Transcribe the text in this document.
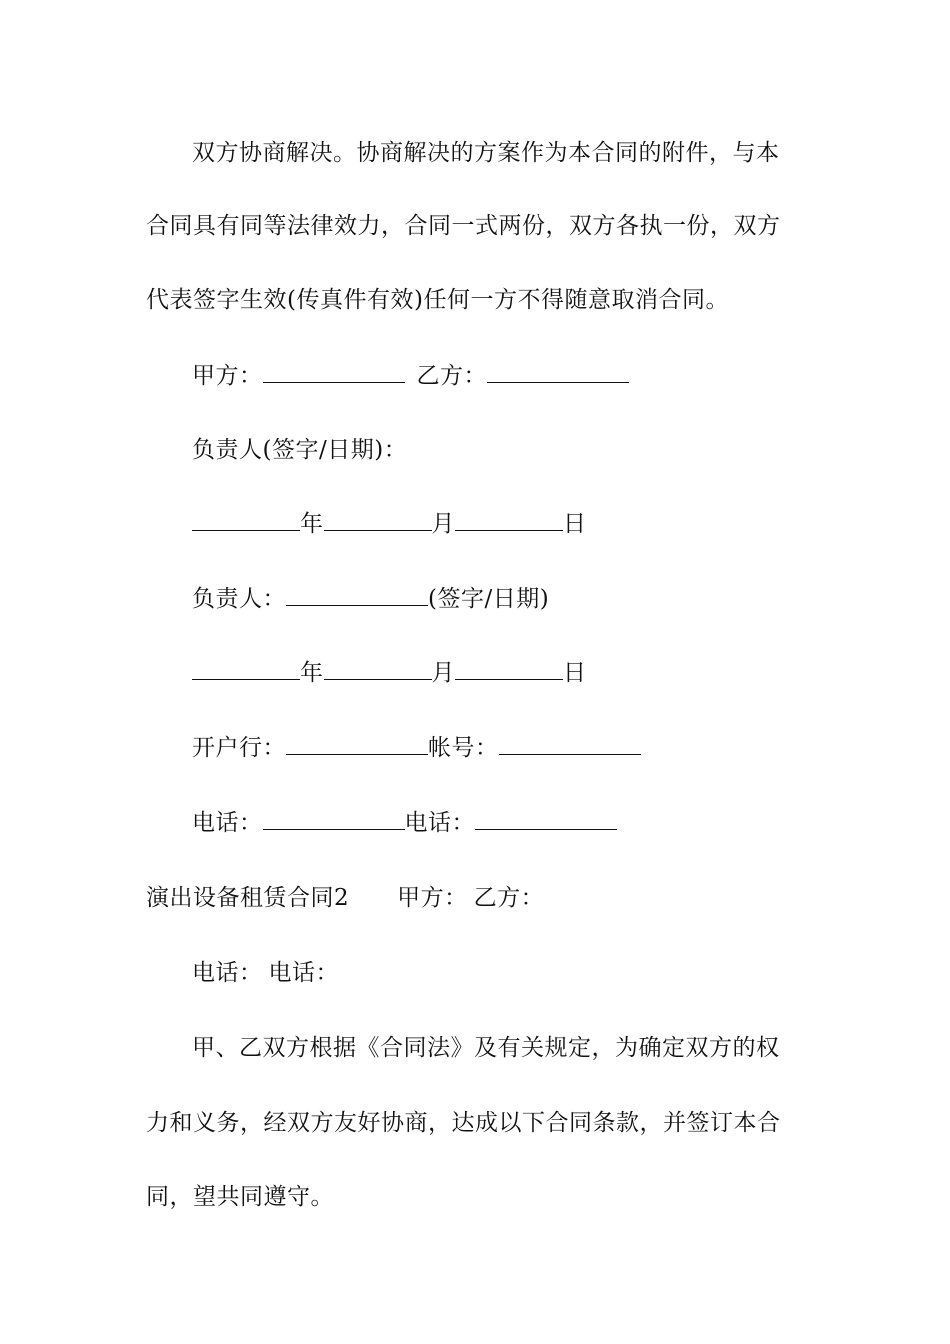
双方协商解决。协商解决的方案作为本合同的附件，与本
合同具有同等法律效力，合同一式两份，双方各执一份，双方
代表签字生效(传真件有效)任何一方不得随意取消合同。
甲方：	乙方：
负责人(签字/日期)：
年	月	日
负责人：	(签字/日期)
年	月	日
开户行：	帐号：
电话：	电话：
演出设备租赁合同2 甲方： 乙方：
电话： 电话：
甲、乙双方根据《合同法》及有关规定，为确定双方的权
力和义务，经双方友好协商，达成以下合同条款，并签订本合
同，望共同遵守。
